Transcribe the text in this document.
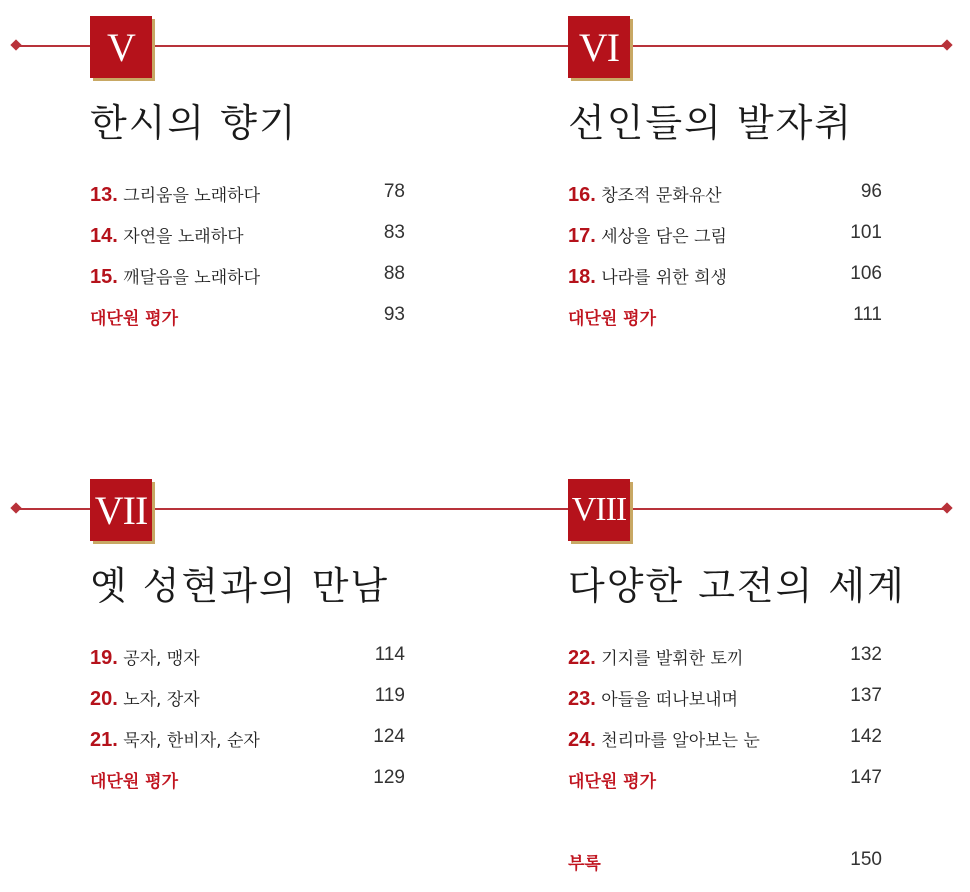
V
한시의 향기
13. 그리움을 노래하다	78
14. 자연을 노래하다	83
15. 깨달음을 노래하다	88
대단원 평가	93
VI
선인들의 발자취
16. 창조적 문화유산	96
17. 세상을 담은 그림	101
18. 나라를 위한 희생	106
대단원 평가	111
VII
옛 성현과의 만남
19. 공자, 맹자	114
20. 노자, 장자	119
21. 묵자, 한비자, 순자	124
대단원 평가	129
VIII
다양한 고전의 세계
22. 기지를 발휘한 토끼	132
23. 아들을 떠나보내며	137
24. 천리마를 알아보는 눈	142
대단원 평가	147
부록	150
